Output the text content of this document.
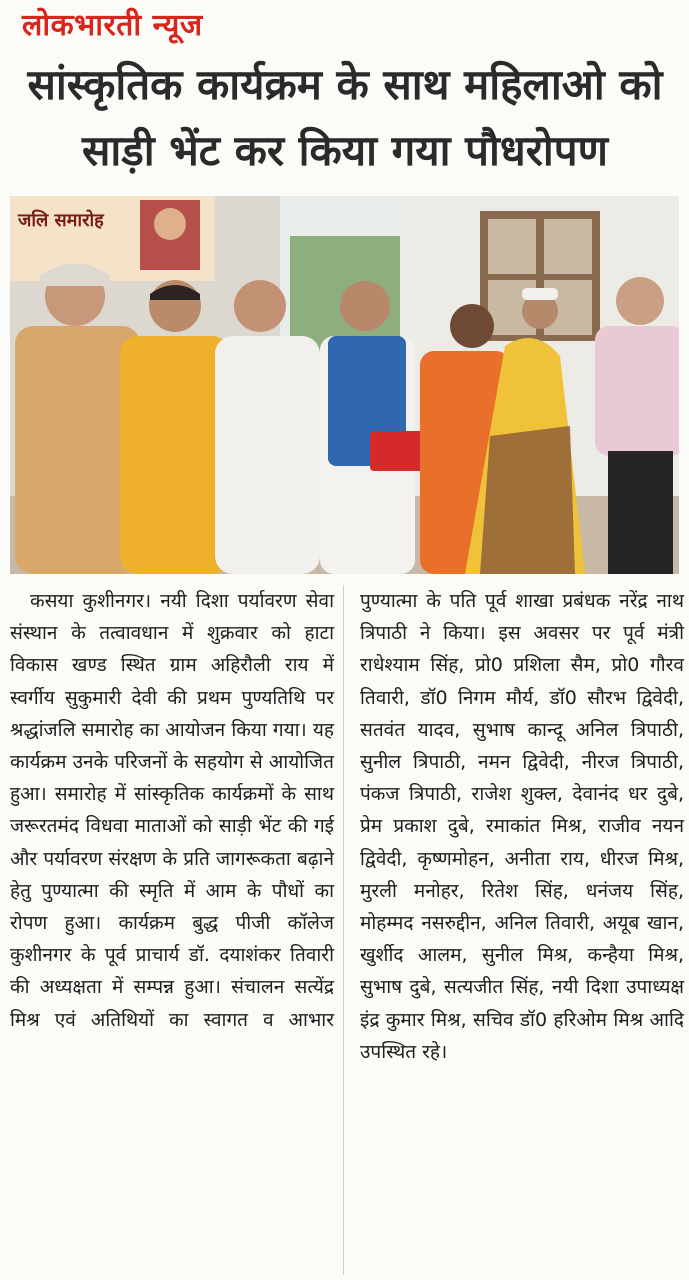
लोकभारती न्यूज
सांस्कृतिक कार्यक्रम के साथ महिलाओ को साड़ी भेंट कर किया गया पौधरोपण
जलि समारोह
कसया कुशीनगर। नयी दिशा पर्यावरण सेवा संस्थान के तत्वावधान में शुक्रवार को हाटा विकास खण्ड स्थित ग्राम अहिरौली राय में स्वर्गीय सुकुमारी देवी की प्रथम पुण्यतिथि पर श्रद्धांजलि समारोह का आयोजन किया गया। यह कार्यक्रम उनके परिजनों के सहयोग से आयोजित हुआ। समारोह में सांस्कृतिक कार्यक्रमों के साथ जरूरतमंद विधवा माताओं को साड़ी भेंट की गई और पर्यावरण संरक्षण के प्रति जागरूकता बढ़ाने हेतु पुण्यात्मा की स्मृति में आम के पौधों का रोपण हुआ। कार्यक्रम बुद्ध पीजी कॉलेज कुशीनगर के पूर्व प्राचार्य डॉ. दयाशंकर तिवारी की अध्यक्षता में सम्पन्न हुआ। संचालन सत्येंद्र मिश्र एवं अतिथियों का स्वागत व आभार
पुण्यात्मा के पति पूर्व शाखा प्रबंधक नरेंद्र नाथ त्रिपाठी ने किया। इस अवसर पर पूर्व मंत्री राधेश्याम सिंह, प्रो0 प्रशिला सैम, प्रो0 गौरव तिवारी, डॉ0 निगम मौर्य, डॉ0 सौरभ द्विवेदी, सतवंत यादव, सुभाष कान्दू अनिल त्रिपाठी, सुनील त्रिपाठी, नमन द्विवेदी, नीरज त्रिपाठी, पंकज त्रिपाठी, राजेश शुक्ल, देवानंद धर दुबे, प्रेम प्रकाश दुबे, रमाकांत मिश्र, राजीव नयन द्विवेदी, कृष्णमोहन, अनीता राय, धीरज मिश्र, मुरली मनोहर, रितेश सिंह, धनंजय सिंह, मोहम्मद नसरुद्दीन, अनिल तिवारी, अयूब खान, खुर्शीद आलम, सुनील मिश्र, कन्हैया मिश्र, सुभाष दुबे, सत्यजीत सिंह, नयी दिशा उपाध्यक्ष इंद्र कुमार मिश्र, सचिव डॉ0 हरिओम मिश्र आदि उपस्थित रहे।
